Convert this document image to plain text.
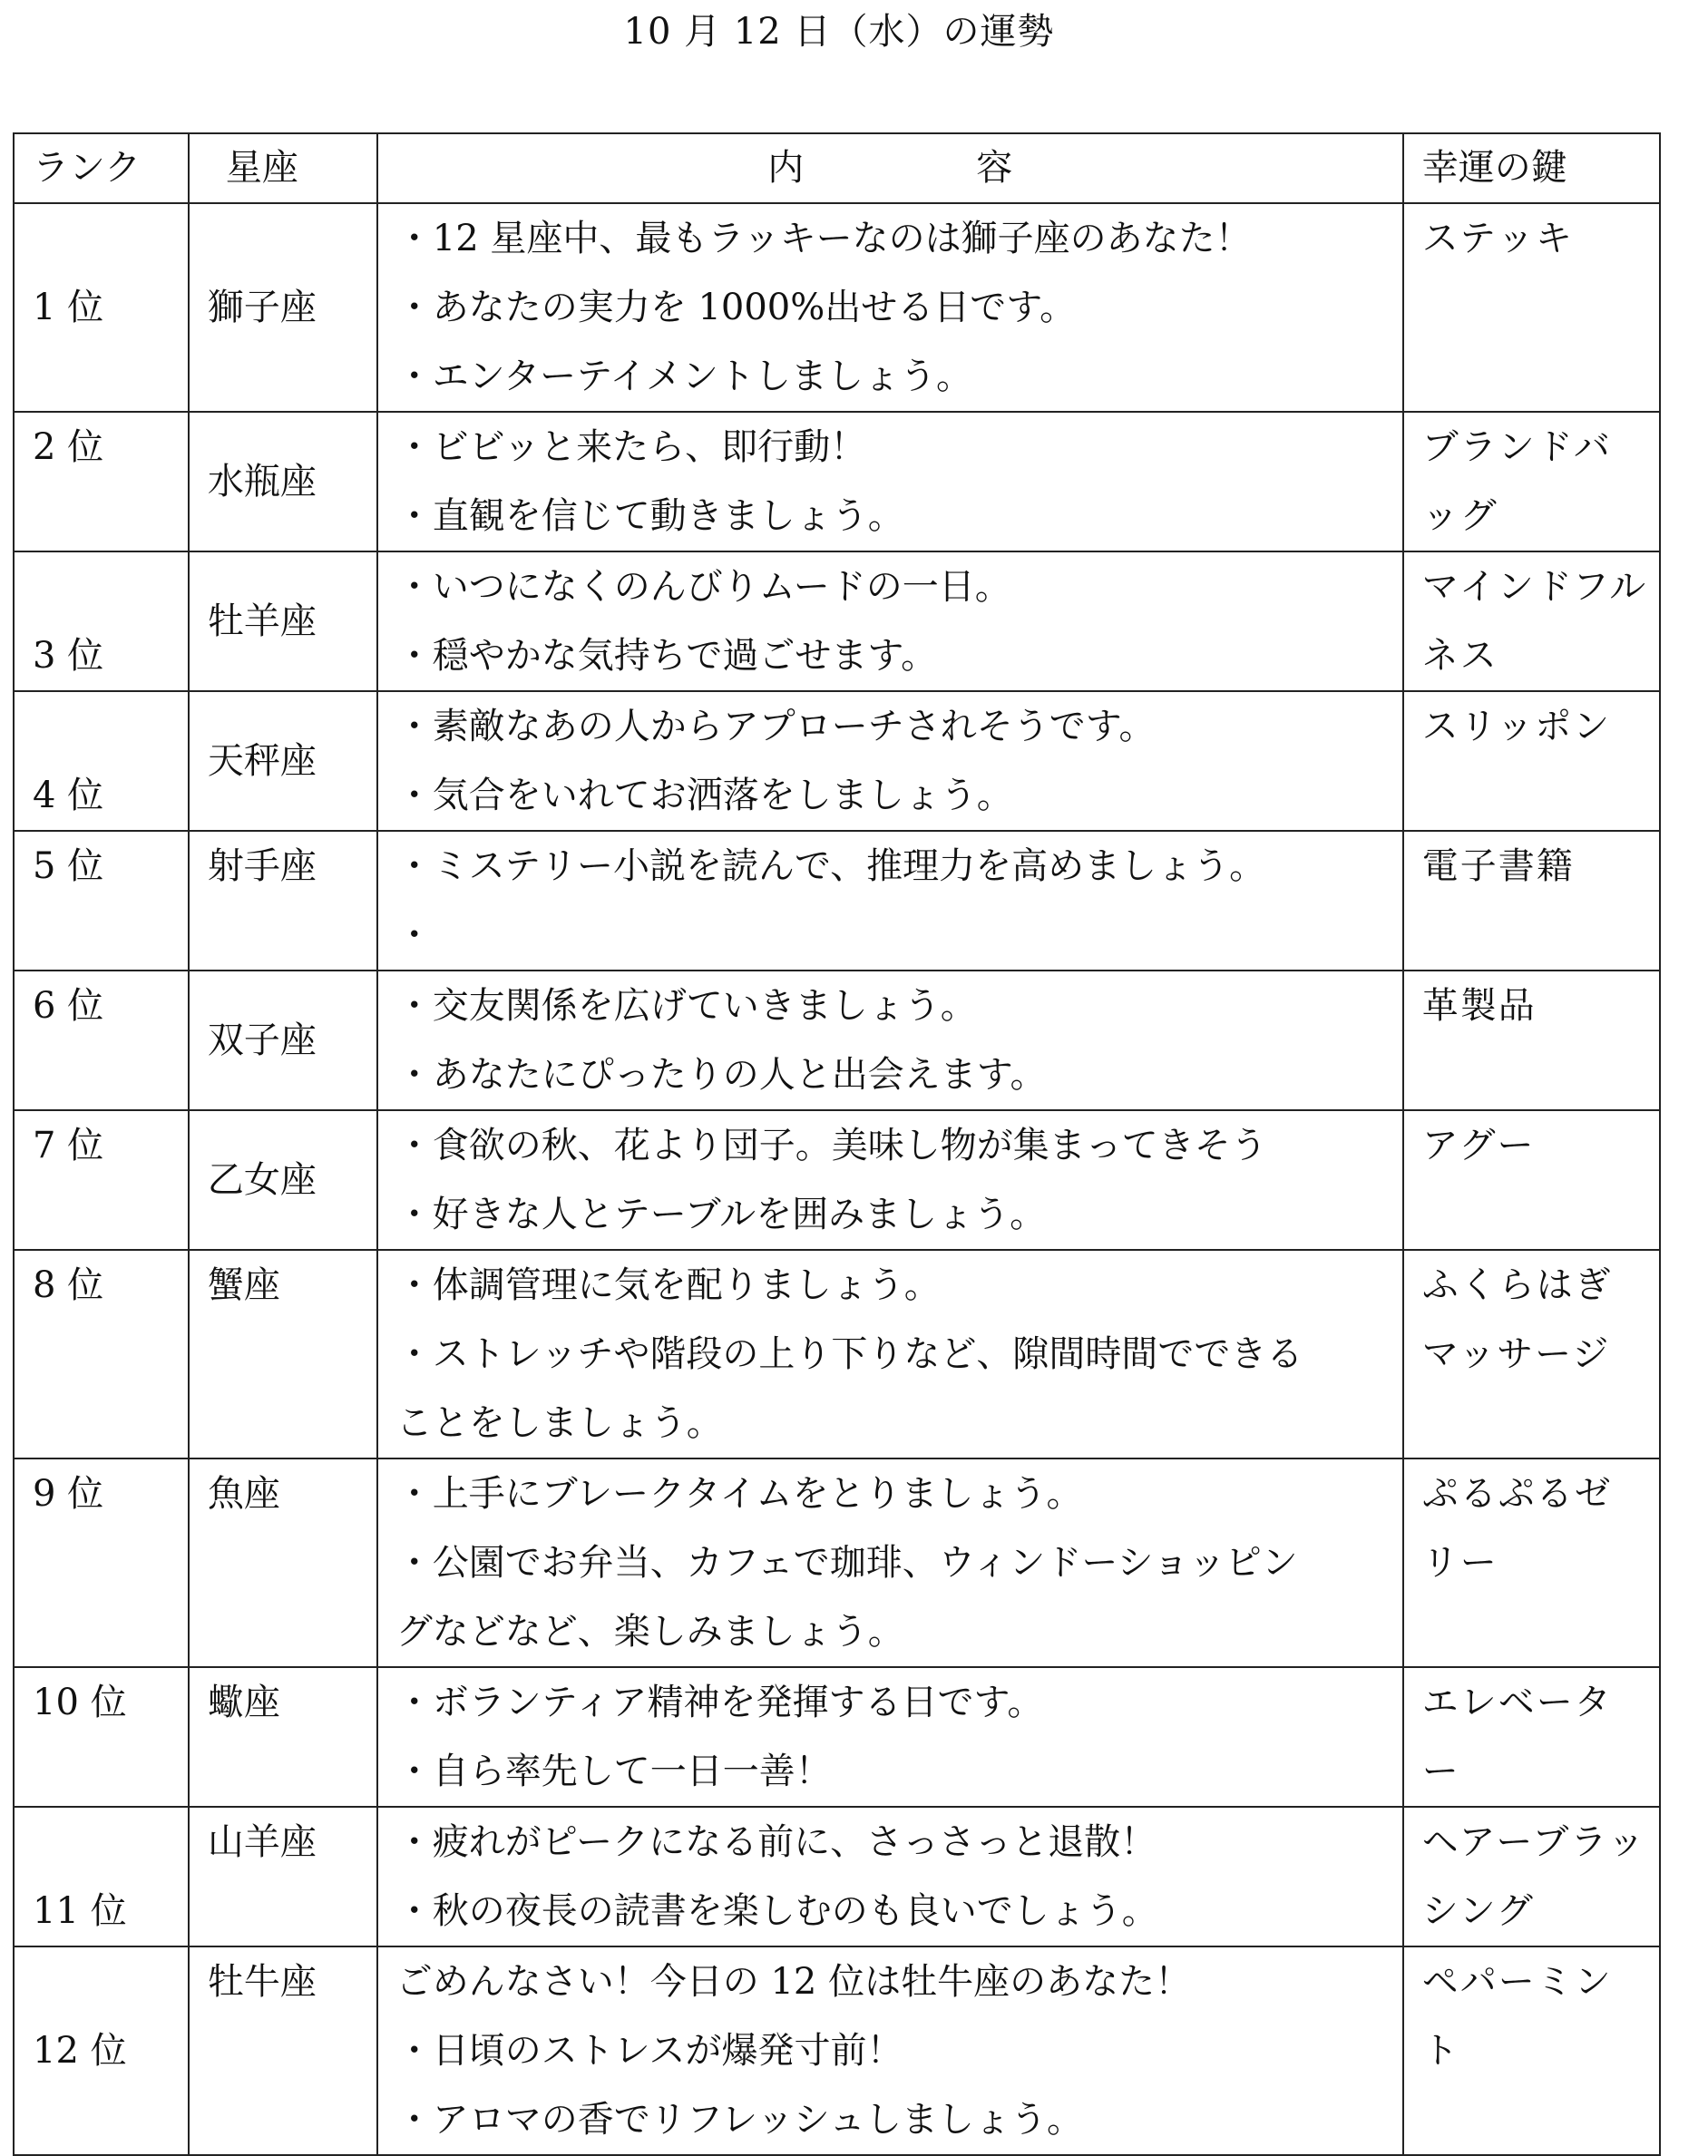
10 月 12 日（水）の運勢
ランク	星座	内 容	幸運の鍵
1 位	獅子座	・12 星座中、最もラッキーなのは獅子座のあなた！
・あなたの実力を 1000%出せる日です。
・エンターテイメントしましょう。	ステッキ

2 位	水瓶座	・ビビッと来たら、即行動！
・直観を信じて動きましょう。	ブランドバッグ

3 位	牡羊座	・いつになくのんびりムードの一日。
・穏やかな気持ちで過ごせます。	マインドフルネス

4 位	天秤座	・素敵なあの人からアプローチされそうです。
・気合をいれてお洒落をしましょう。	スリッポン

5 位	射手座	・ミステリー小説を読んで、推理力を高めましょう。
・	電子書籍

6 位	双子座	・交友関係を広げていきましょう。
・あなたにぴったりの人と出会えます。	革製品

7 位	乙女座	・食欲の秋、花より団子。美味し物が集まってきそう
・好きな人とテーブルを囲みましょう。	アグー

8 位	蟹座	・体調管理に気を配りましょう。
・ストレッチや階段の上り下りなど、隙間時間でできる
ことをしましょう。	ふくらはぎマッサージ

9 位	魚座	・上手にブレークタイムをとりましょう。
・公園でお弁当、カフェで珈琲、ウィンドーショッピン
グなどなど、楽しみましょう。	ぷるぷるゼリー

10 位	蠍座	・ボランティア精神を発揮する日です。
・自ら率先して一日一善！	エレベーター

11 位	山羊座	・疲れがピークになる前に、さっさっと退散！
・秋の夜長の読書を楽しむのも良いでしょう。	ヘアーブラッシング

12 位	牡牛座	ごめんなさい！今日の 12 位は牡牛座のあなた！
・日頃のストレスが爆発寸前！
・アロマの香でリフレッシュしましょう。	ペパーミント
